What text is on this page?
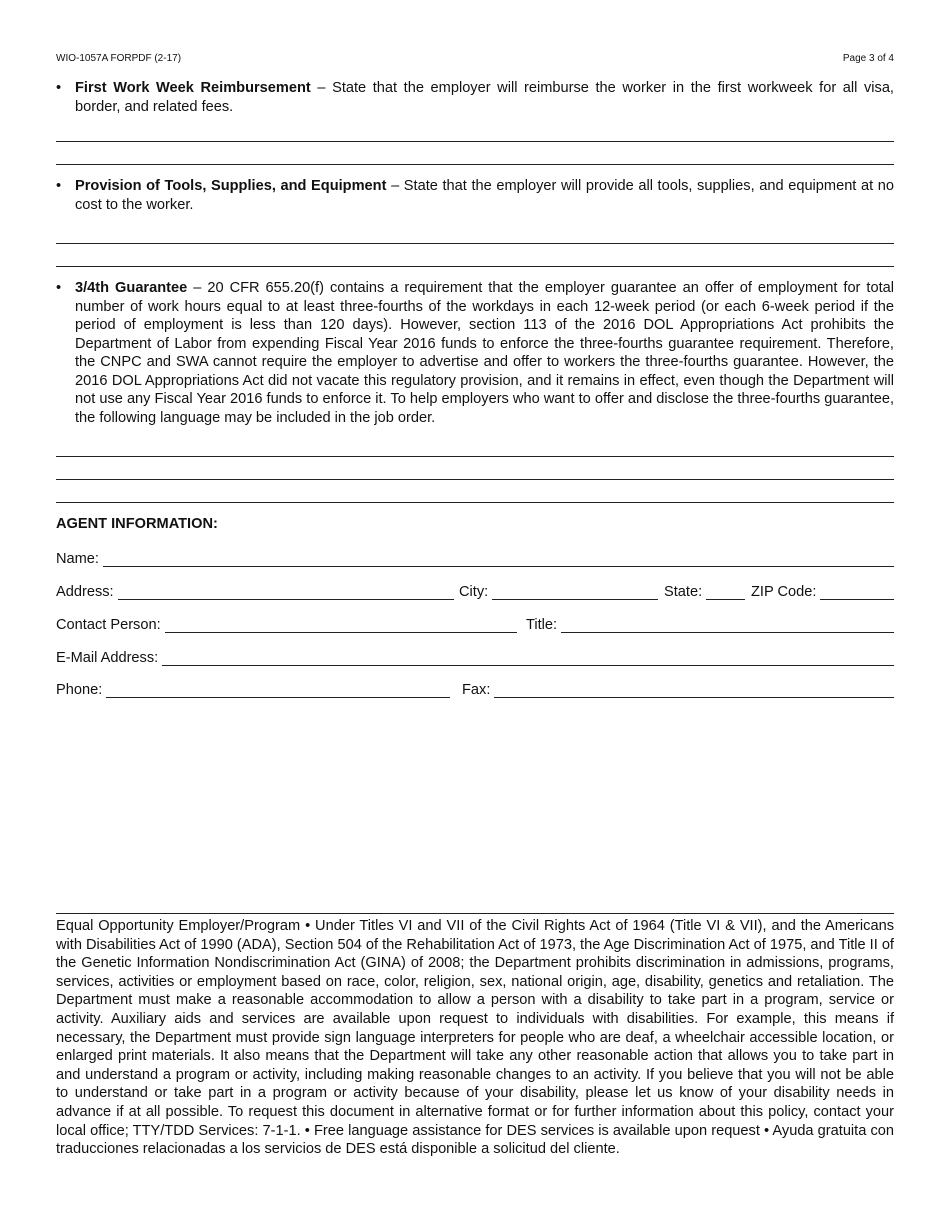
WIO-1057A FORPDF (2-17)	Page 3 of 4
• First Work Week Reimbursement – State that the employer will reimburse the worker in the first workweek for all visa, border, and related fees.
• Provision of Tools, Supplies, and Equipment – State that the employer will provide all tools, supplies, and equipment at no cost to the worker.
• 3/4th Guarantee – 20 CFR 655.20(f) contains a requirement that the employer guarantee an offer of employment for total number of work hours equal to at least three-fourths of the workdays in each 12-week period (or each 6-week period if the period of employment is less than 120 days). However, section 113 of the 2016 DOL Appropriations Act prohibits the Department of Labor from expending Fiscal Year 2016 funds to enforce the three-fourths guarantee requirement. Therefore, the CNPC and SWA cannot require the employer to advertise and offer to workers the three-fourths guarantee. However, the 2016 DOL Appropriations Act did not vacate this regulatory provision, and it remains in effect, even though the Department will not use any Fiscal Year 2016 funds to enforce it. To help employers who want to offer and disclose the three-fourths guarantee, the following language may be included in the job order.
AGENT INFORMATION:
Name:
Address:	City:	State:	ZIP Code:
Contact Person:	Title:
E-Mail Address:
Phone:	Fax:
Equal Opportunity Employer/Program • Under Titles VI and VII of the Civil Rights Act of 1964 (Title VI & VII), and the Americans with Disabilities Act of 1990 (ADA), Section 504 of the Rehabilitation Act of 1973, the Age Discrimination Act of 1975, and Title II of the Genetic Information Nondiscrimination Act (GINA) of 2008; the Department prohibits discrimination in admissions, programs, services, activities or employment based on race, color, religion, sex, national origin, age, disability, genetics and retaliation. The Department must make a reasonable accommodation to allow a person with a disability to take part in a program, service or activity. Auxiliary aids and services are available upon request to individuals with disabilities. For example, this means if necessary, the Department must provide sign language interpreters for people who are deaf, a wheelchair accessible location, or enlarged print materials. It also means that the Department will take any other reasonable action that allows you to take part in and understand a program or activity, including making reasonable changes to an activity. If you believe that you will not be able to understand or take part in a program or activity because of your disability, please let us know of your disability needs in advance if at all possible. To request this document in alternative format or for further information about this policy, contact your local office; TTY/TDD Services: 7-1-1. • Free language assistance for DES services is available upon request • Ayuda gratuita con traducciones relacionadas a los servicios de DES está disponible a solicitud del cliente.
